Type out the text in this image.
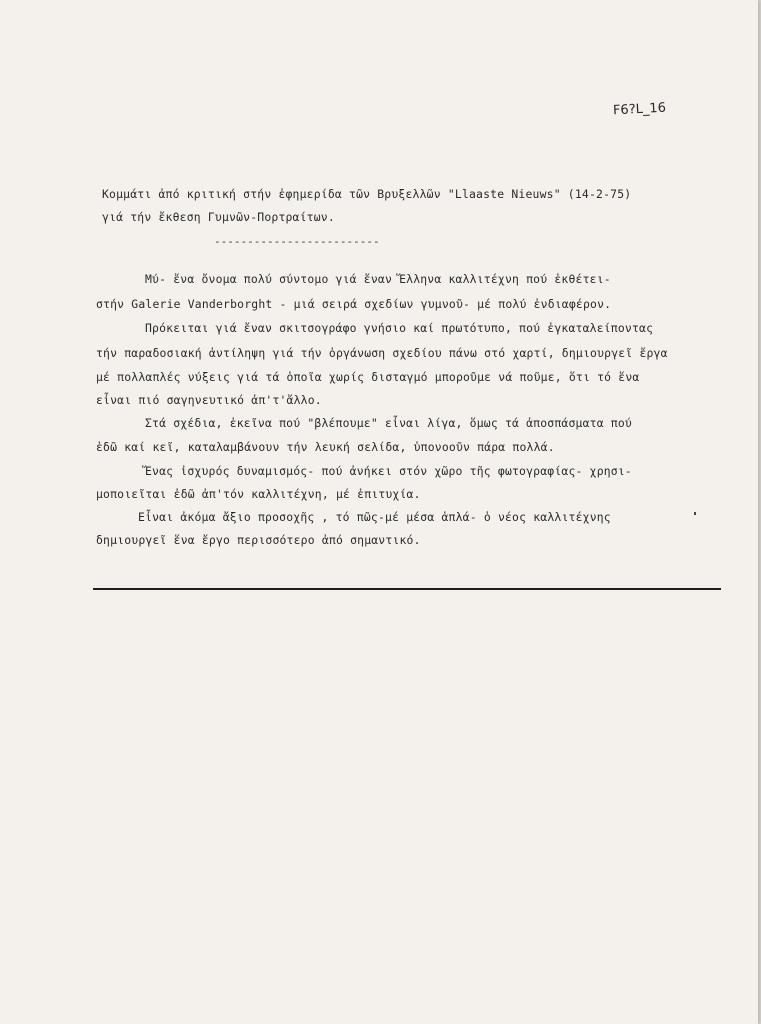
F6?L_16
Κομμάτι ἀπό κριτική στήν ἐφημερίδα τῶν Βρυξελλῶν "Llaaste Nieuws" (14-2-75)
γιά τήν ἔκθεση Γυμνῶν-Πορτραίτων.
-------------------------
Μύ- ἔνα ὄνομα πολύ σύντομο γιά ἔναν Ἕλληνα καλλιτέχνη πού ἐκθέτει-
στήν Galerie Vanderborght - μιά σειρά σχεδίων γυμνοῦ- μέ πολύ ἐνδιαφέρον.
Πρόκειται γιά ἔναν σκιτσογράφο γνήσιο καί πρωτότυπο, πού ἐγκαταλείποντας
τήν παραδοσιακή ἀντίληψη γιά τήν ὀργάνωση σχεδίου πάνω στό χαρτί, δημιουργεῖ ἔργα
μέ πολλαπλές νύξεις γιά τά ὁποῖα χωρίς δισταγμό μποροῦμε νά ποῦμε, ὅτι τό ἕνα
εἶναι πιό σαγηνευτικό ἀπ'τ'ἄλλο.
Στά σχέδια, ἐκεῖνα πού "βλέπουμε" εἶναι λίγα, ὅμως τά ἀποσπάσματα πού
ἐδῶ καί κεῖ, καταλαμβάνουν τήν λευκή σελίδα, ὑπονοοῦν πάρα πολλά.
Ἕνας ἰσχυρός δυναμισμός- πού ἀνήκει στόν χῶρο τῆς φωτογραφίας- χρησι-
μοποιεῖται ἐδῶ ἀπ'τόν καλλιτέχνη, μέ ἐπιτυχία.
Εἶναι ἀκόμα ἄξιο προσοχῆς , τό πῶς-μέ μέσα ἁπλά- ὁ νέος καλλιτέχνης
δημιουργεῖ ἕνα ἔργο περισσότερο ἀπό σημαντικό.
